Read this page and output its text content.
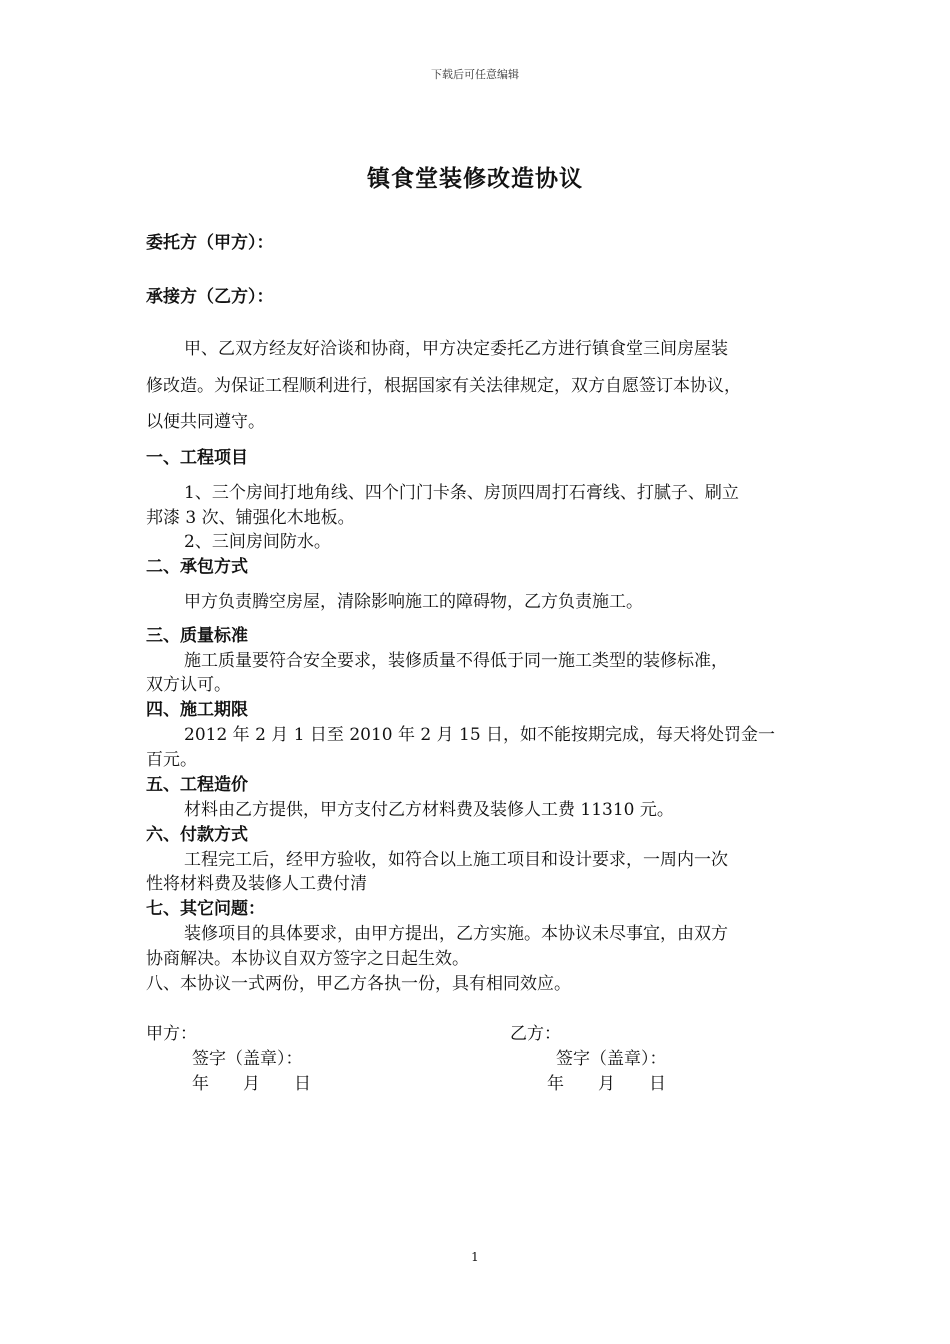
下载后可任意编辑
镇食堂装修改造协议
委托方（甲方）：
承接方（乙方）：
甲、乙双方经友好洽谈和协商，甲方决定委托乙方进行镇食堂三间房屋装
修改造。为保证工程顺利进行，根据国家有关法律规定，双方自愿签订本协议，
以便共同遵守。
一、工程项目
1、三个房间打地角线、四个门门卡条、房顶四周打石膏线、打腻子、刷立
邦漆 3 次、铺强化木地板。
2、三间房间防水。
二、承包方式
甲方负责腾空房屋，清除影响施工的障碍物，乙方负责施工。
三、质量标准
施工质量要符合安全要求，装修质量不得低于同一施工类型的装修标准，
双方认可。
四、施工期限
2012 年 2 月 1 日至 2010 年 2 月 15 日，如不能按期完成，每天将处罚金一
百元。
五、工程造价
材料由乙方提供，甲方支付乙方材料费及装修人工费 11310 元。
六、付款方式
工程完工后，经甲方验收，如符合以上施工项目和设计要求，一周内一次
性将材料费及装修人工费付清
七、其它问题：
装修项目的具体要求，由甲方提出，乙方实施。本协议未尽事宜，由双方
协商解决。本协议自双方签字之日起生效。
八、本协议一式两份，甲乙方各执一份，具有相同效应。
甲方：	乙方：
签字（盖章）：	签字（盖章）：
年　　月　　日	年　　月　　日
1
